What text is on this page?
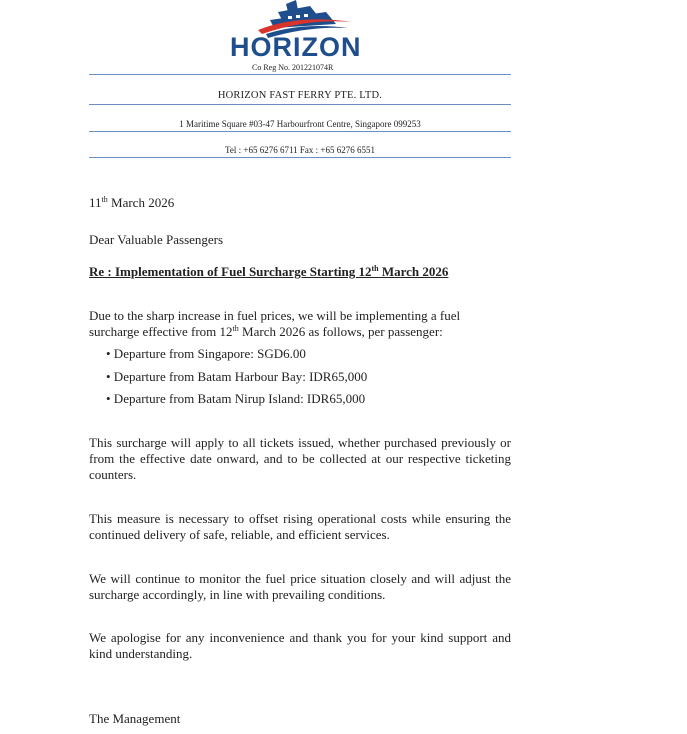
HORIZON
Co Reg No. 201221074R
HORIZON FAST FERRY PTE. LTD.
1 Maritime Square #03-47 Harbourfront Centre, Singapore 099253
Tel : +65 6276 6711 Fax : +65 6276 6551
11th March 2026
Dear Valuable Passengers
Re : Implementation of Fuel Surcharge Starting 12th March 2026
Due to the sharp increase in fuel prices, we will be implementing a fuel
surcharge effective from 12th March 2026 as follows, per passenger:
• Departure from Singapore: SGD6.00
• Departure from Batam Harbour Bay: IDR65,000
• Departure from Batam Nirup Island: IDR65,000
This surcharge will apply to all tickets issued, whether purchased previously or from the effective date onward, and to be collected at our respective ticketing counters.
This measure is necessary to offset rising operational costs while ensuring the continued delivery of safe, reliable, and efficient services.
We will continue to monitor the fuel price situation closely and will adjust the surcharge accordingly, in line with prevailing conditions.
We apologise for any inconvenience and thank you for your kind support and kind understanding.
The Management
